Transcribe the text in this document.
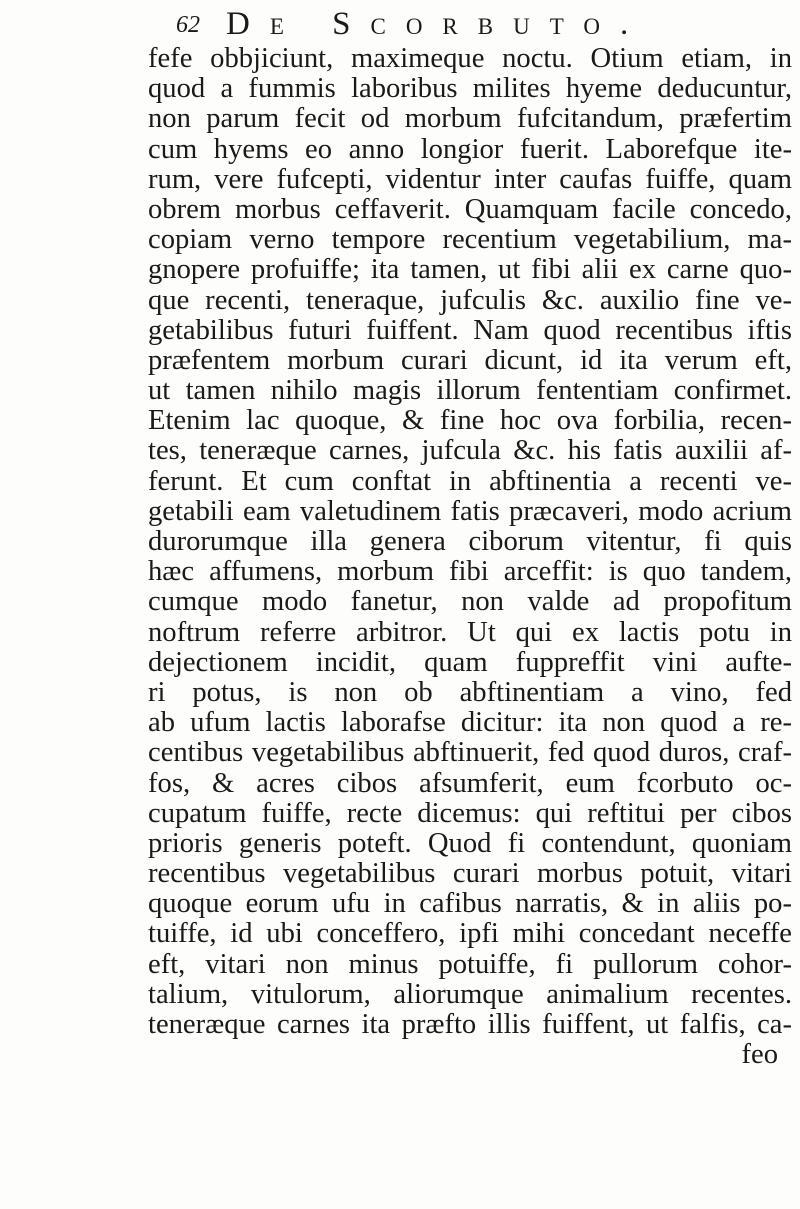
62 De Scorbuto.
fefe obbjiciunt, maximeque noctu. Otium etiam, in
quod a fummis laboribus milites hyeme deducuntur,
non parum fecit od morbum fufcitandum, præfertim
cum hyems eo anno longior fuerit. Laborefque ite-
rum, vere fufcepti, videntur inter caufas fuiffe, quam
obrem morbus ceffaverit. Quamquam facile concedo,
copiam verno tempore recentium vegetabilium, ma-
gnopere profuiffe; ita tamen, ut fibi alii ex carne quo-
que recenti, teneraque, jufculis &c. auxilio fine ve-
getabilibus futuri fuiffent. Nam quod recentibus iftis
præfentem morbum curari dicunt, id ita verum eft,
ut tamen nihilo magis illorum fententiam confirmet.
Etenim lac quoque, & fine hoc ova forbilia, recen-
tes, teneræque carnes, jufcula &c. his fatis auxilii af-
ferunt. Et cum conftat in abftinentia a recenti ve-
getabili eam valetudinem fatis præcaveri, modo acrium
durorumque illa genera ciborum vitentur, fi quis
hæc affumens, morbum fibi arceffit: is quo tandem,
cumque modo fanetur, non valde ad propofitum
noftrum referre arbitror. Ut qui ex lactis potu in
dejectionem incidit, quam fuppreffit vini aufte-
ri potus, is non ob abftinentiam a vino, fed
ab ufum lactis laborafse dicitur: ita non quod a re-
centibus vegetabilibus abftinuerit, fed quod duros, craf-
fos, & acres cibos afsumferit, eum fcorbuto oc-
cupatum fuiffe, recte dicemus: qui reftitui per cibos
prioris generis poteft. Quod fi contendunt, quoniam
recentibus vegetabilibus curari morbus potuit, vitari
quoque eorum ufu in cafibus narratis, & in aliis po-
tuiffe, id ubi conceffero, ipfi mihi concedant neceffe
eft, vitari non minus potuiffe, fi pullorum cohor-
talium, vitulorum, aliorumque animalium recentes.
teneræque carnes ita præfto illis fuiffent, ut falfis, ca-
feo
